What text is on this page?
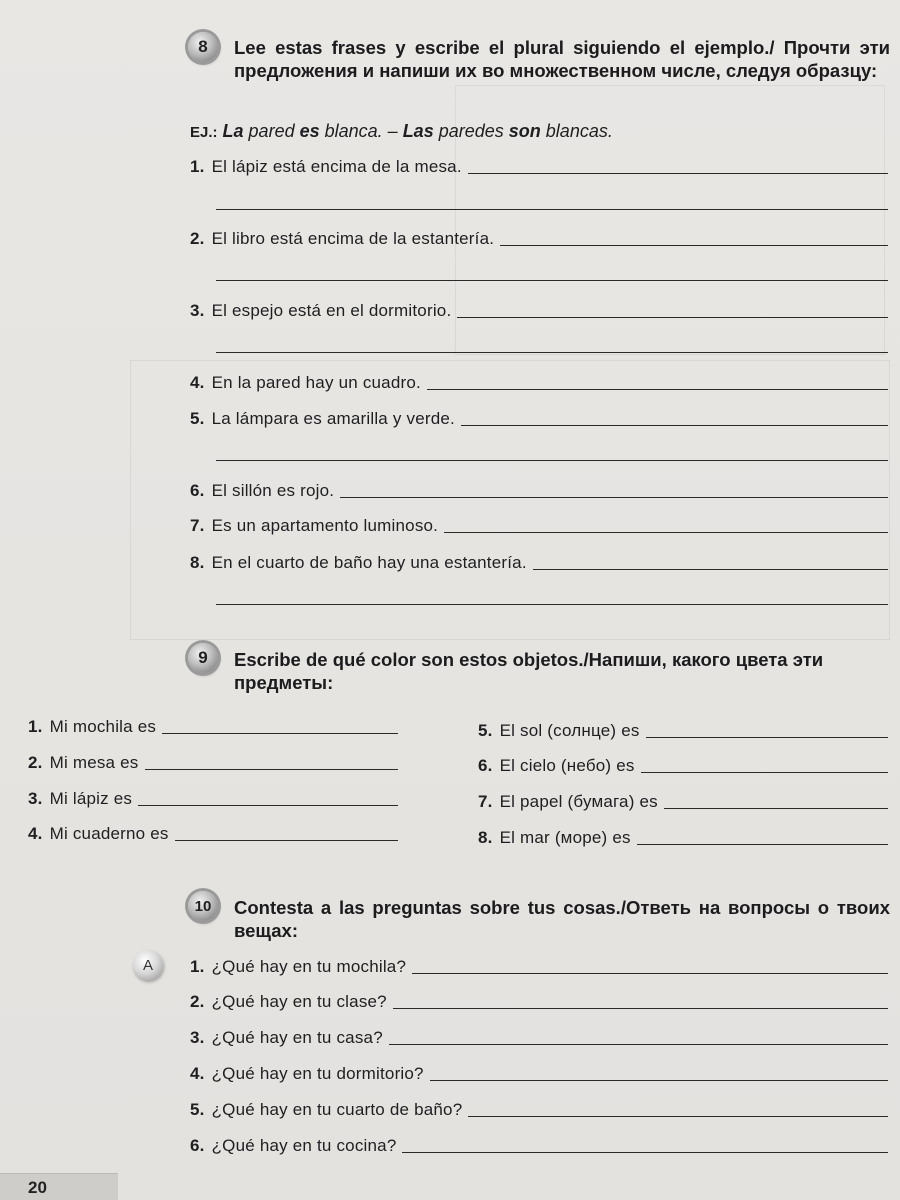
8	Lee estas frases y escribe el plural siguiendo el ejemplo./ Прочти эти предложения и напиши их во множественном числе, следуя образцу:
EJ.: La pared es blanca. – Las paredes son blancas.
1. El lápiz está encima de la mesa.
2. El libro está encima de la estantería.
3. El espejo está en el dormitorio.
4. En la pared hay un cuadro.
5. La lámpara es amarilla y verde.
6. El sillón es rojo.
7. Es un apartamento luminoso.
8. En el cuarto de baño hay una estantería.
9	Escribe de qué color son estos objetos./Напиши, какого цвета эти предметы:
1. Mi mochila es
2. Mi mesa es
3. Mi lápiz es
4. Mi cuaderno es
5. El sol (солнце) es
6. El cielo (небо) es
7. El papel (бумага) es
8. El mar (море) es
10	Contesta a las preguntas sobre tus cosas./Ответь на вопросы о твоих вещах:
A	1. ¿Qué hay en tu mochila?
2. ¿Qué hay en tu clase?
3. ¿Qué hay en tu casa?
4. ¿Qué hay en tu dormitorio?
5. ¿Qué hay en tu cuarto de baño?
6. ¿Qué hay en tu cocina?
20
